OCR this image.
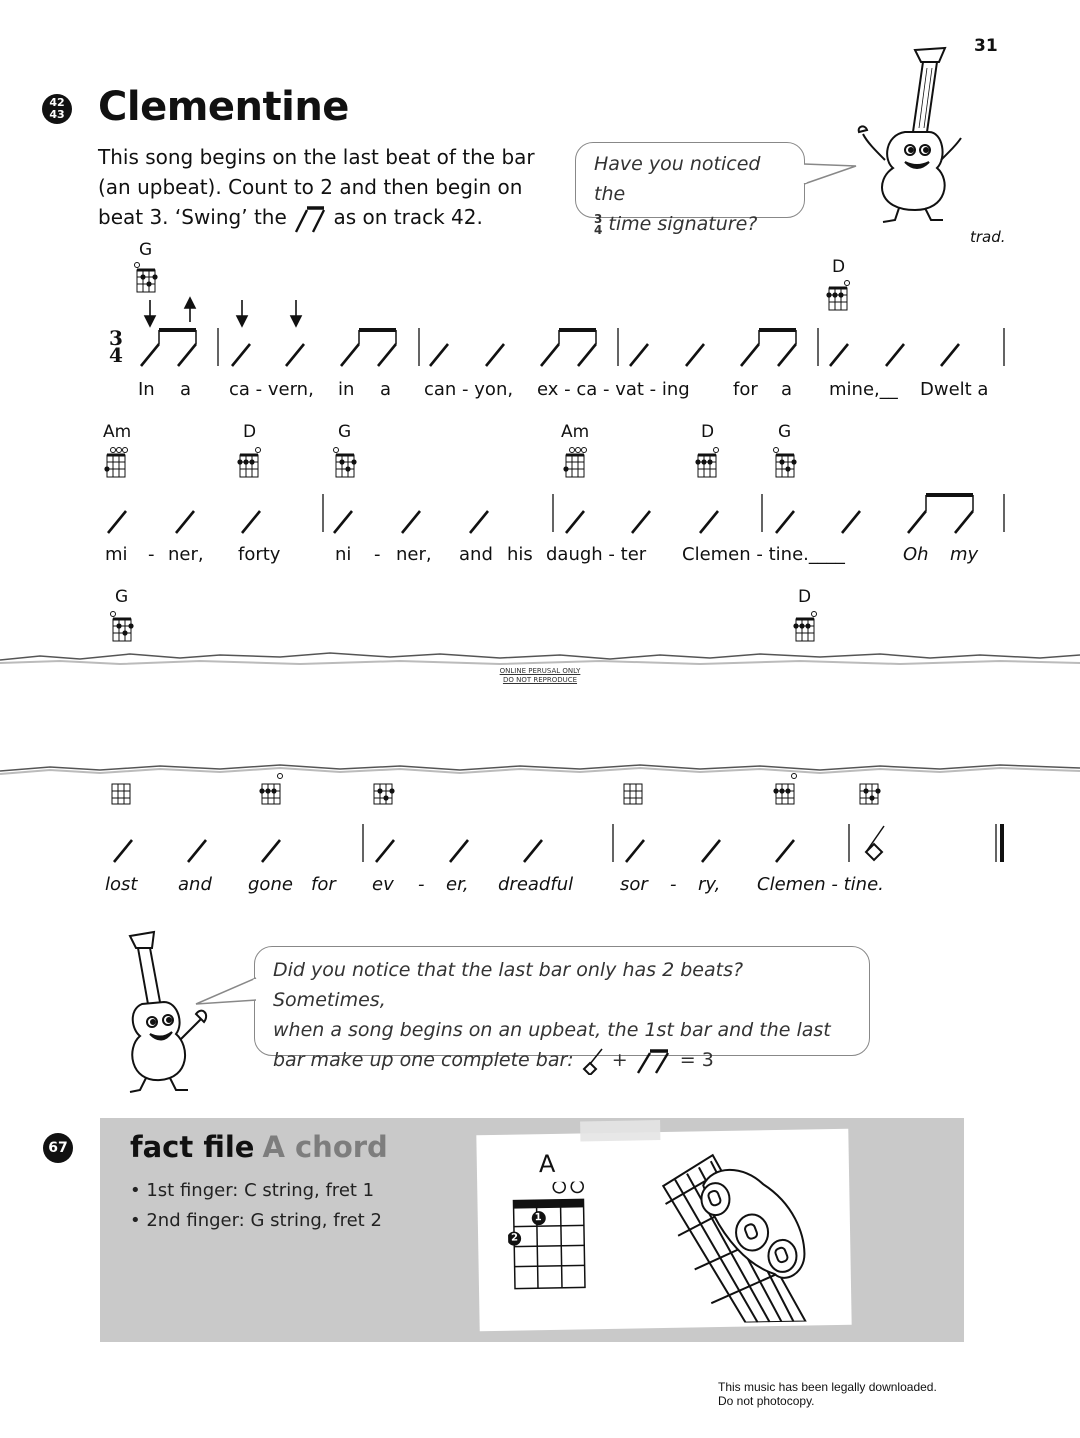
31
42
43 Clementine
This song begins on the last beat of the bar (an upbeat). Count to 2 and then begin on beat 3. ‘Swing’ the as on track 42.
Have you noticed the
3
4 time signature?
trad.
3
4
G
D
In a ca - vern, in a can - yon, ex - ca - vat - ing for a mine,__ Dwelt a
Am	D	G	Am	D	G
mi - ner, forty	ni - ner, and his daugh - ter Clemen - tine.____	Oh my
G	D
ONLINE PERUSAL ONLY
DO NOT REPRODUCE
lost and gone for ev - er, dreadful	sor - ry, Clemen - tine.
Did you notice that the last bar only has 2 beats? Sometimes,
when a song begins on an upbeat, the 1st bar and the last
bar make up one complete bar: +	= 3
67 fact file A chord
• 1st finger: C string, fret 1
• 2nd finger: G string, fret 2
A
1
2
This music has been legally downloaded.
Do not photocopy.
